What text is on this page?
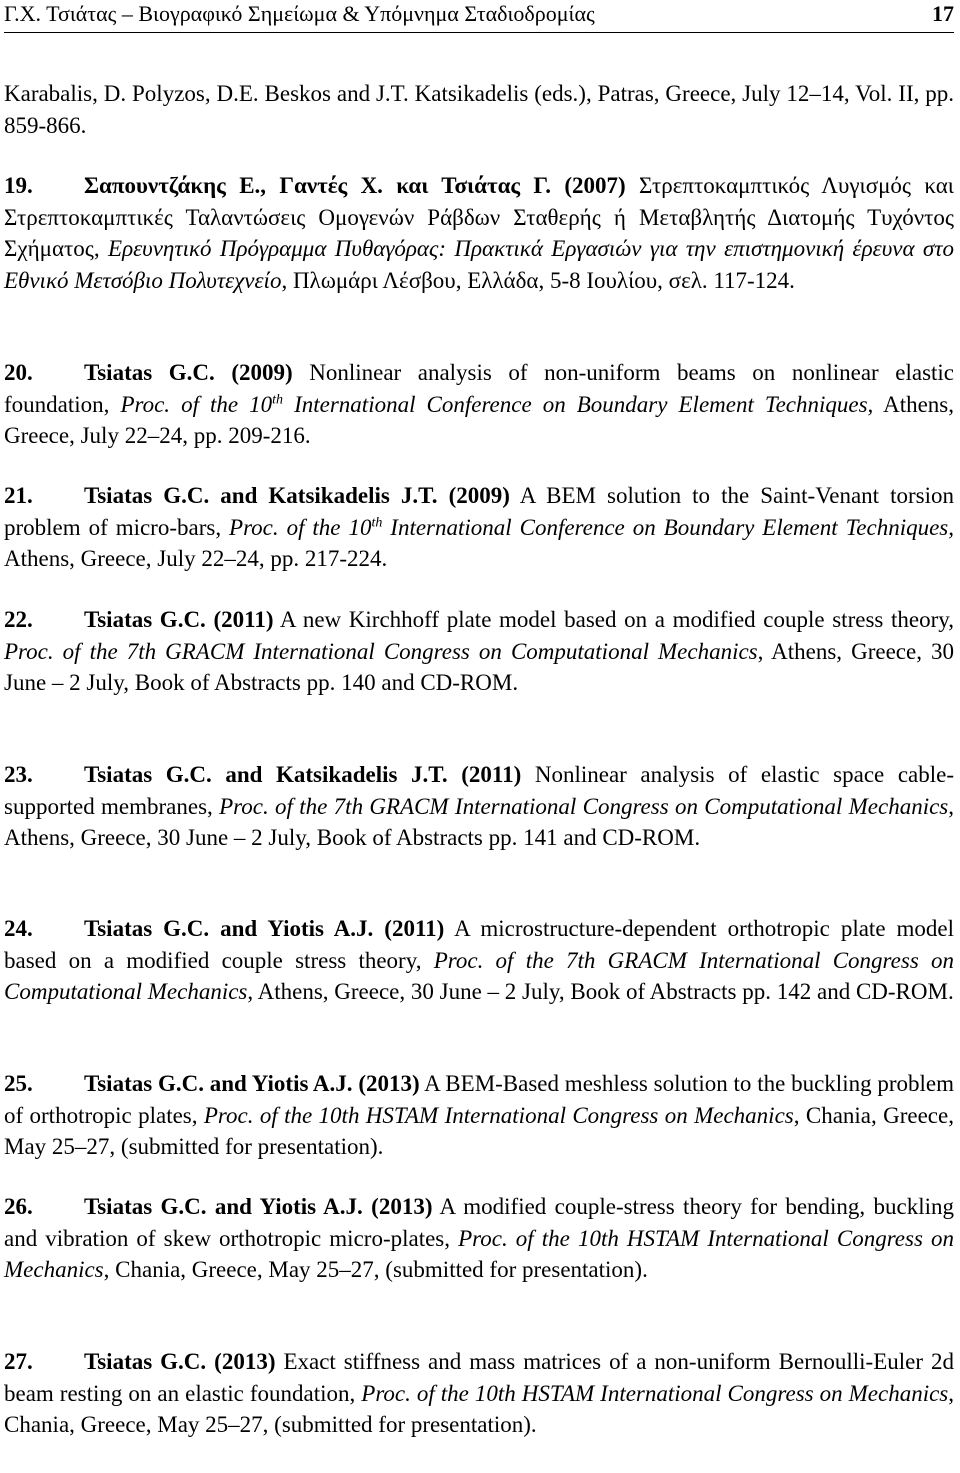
Γ.Χ. Τσιάτας – Βιογραφικό Σημείωμα & Υπόμνημα Σταδιοδρομίας	17

Karabalis, D. Polyzos, D.E. Beskos and J.T. Katsikadelis (eds.), Patras, Greece, July 12–14, Vol. II, pp. 859-866.

19. Σαπουντζάκης Ε., Γαντές Χ. και Τσιάτας Γ. (2007) Στρεπτοκαμπτικός Λυγισμός και Στρεπτοκαμπτικές Ταλαντώσεις Ομογενών Ράβδων Σταθερής ή Μεταβλητής Διατομής Τυχόντος Σχήματος, Ερευνητικό Πρόγραμμα Πυθαγόρας: Πρακτικά Εργασιών για την επιστημονική έρευνα στο Εθνικό Μετσόβιο Πολυτεχνείο, Πλωμάρι Λέσβου, Ελλάδα, 5-8 Ιουλίου, σελ. 117-124.

20. Tsiatas G.C. (2009) Nonlinear analysis of non-uniform beams on nonlinear elastic foundation, Proc. of the 10th International Conference on Boundary Element Techniques, Athens, Greece, July 22–24, pp. 209-216.

21. Tsiatas G.C. and Katsikadelis J.T. (2009) A BEM solution to the Saint-Venant torsion problem of micro-bars, Proc. of the 10th International Conference on Boundary Element Techniques, Athens, Greece, July 22–24, pp. 217-224.

22. Tsiatas G.C. (2011) A new Kirchhoff plate model based on a modified couple stress theory, Proc. of the 7th GRACM International Congress on Computational Mechanics, Athens, Greece, 30 June – 2 July, Book of Abstracts pp. 140 and CD-ROM.

23. Tsiatas G.C. and Katsikadelis J.T. (2011) Nonlinear analysis of elastic space cable-supported membranes, Proc. of the 7th GRACM International Congress on Computational Mechanics, Athens, Greece, 30 June – 2 July, Book of Abstracts pp. 141 and CD-ROM.

24. Tsiatas G.C. and Yiotis A.J. (2011) A microstructure-dependent orthotropic plate model based on a modified couple stress theory, Proc. of the 7th GRACM International Congress on Computational Mechanics, Athens, Greece, 30 June – 2 July, Book of Abstracts pp. 142 and CD-ROM.

25. Tsiatas G.C. and Yiotis A.J. (2013) A BEM-Based meshless solution to the buckling problem of orthotropic plates, Proc. of the 10th HSTAM International Congress on Mechanics, Chania, Greece, May 25–27, (submitted for presentation).

26. Tsiatas G.C. and Yiotis A.J. (2013) A modified couple-stress theory for bending, buckling and vibration of skew orthotropic micro-plates, Proc. of the 10th HSTAM International Congress on Mechanics, Chania, Greece, May 25–27, (submitted for presentation).

27. Tsiatas G.C. (2013) Exact stiffness and mass matrices of a non-uniform Bernoulli-Euler 2d beam resting on an elastic foundation, Proc. of the 10th HSTAM International Congress on Mechanics, Chania, Greece, May 25–27, (submitted for presentation).
